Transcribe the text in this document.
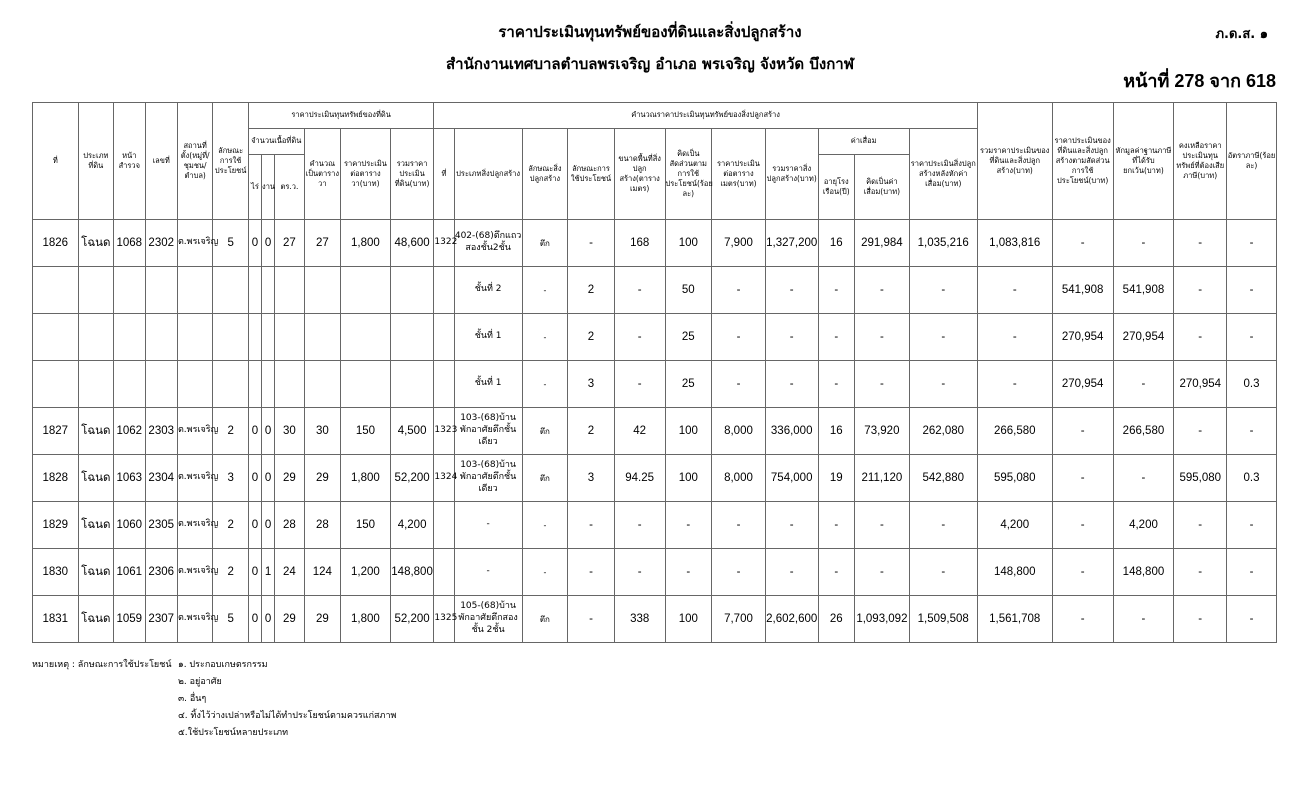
ราคาประเมินทุนทรัพย์ของที่ดินและสิ่งปลูกสร้าง
สำนักงานเทศบาลตำบลพรเจริญ อำเภอ พรเจริญ จังหวัด บึงกาฬ
ภ.ด.ส. ๑
หน้าที่ 278 จาก 618
ที่	ประเภทที่ดิน	หน้าสำรวจ	เลขที่	สถานที่ตั้ง(หมู่ที่/ชุมชน/ตำบล)	ลักษณะการใช้ประโยชน์	ราคาประเมินทุนทรัพย์ของที่ดิน						คำนวณราคาประเมินทุนทรัพย์ของสิ่งปลูกสร้าง											รวมราคาประเมินของที่ดินและสิ่งปลูกสร้าง(บาท)	ราคาประเมินของที่ดินและสิ่งปลูกสร้างตามสัดส่วนการใช้ประโยชน์(บาท)	หักมูลค่าฐานภาษีที่ได้รับยกเว้น(บาท)	คงเหลือราคาประเมินทุนทรัพย์ที่ต้องเสียภาษี(บาท)	อัตราภาษี(ร้อยละ)
						จำนวนเนื้อที่ดิน			คำนวณเป็นตารางวา	ราคาประเมินต่อตารางวา(บาท)	รวมราคาประเมินที่ดิน(บาท)	ที่	ประเภทสิ่งปลูกสร้าง	ลักษณะสิ่งปลูกสร้าง	ลักษณะการใช้ประโยชน์	ขนาดพื้นที่สิ่งปลูกสร้าง(ตารางเมตร)	คิดเป็นสัดส่วนตามการใช้ประโยชน์(ร้อยละ)	ราคาประเมินต่อตารางเมตร(บาท)	รวมราคาสิ่งปลูกสร้าง(บาท)	ค่าเสื่อม		ราคาประเมินสิ่งปลูกสร้างหลังหักค่าเสื่อม(บาท)					
						ไร่	งาน	ตร.ว.												อายุโรงเรือน(ปี)	คิดเป็นค่าเสื่อม(บาท)						
1826	โฉนด	1068	2302	ต.พรเจริญ	5	0	0	27	27	1,800	48,600	1322	402-(68)ตึกแถวสองชั้น2ชั้น	ตึก	-	168	100	7,900	1,327,200	16	291,984	1,035,216	1,083,816	-	-	-	-
													ชั้นที่ 2	-	2	-	50	-	-	-	-	-	-	541,908	541,908	-	-
													ชั้นที่ 1	-	2	-	25	-	-	-	-	-	-	270,954	270,954	-	-
													ชั้นที่ 1	-	3	-	25	-	-	-	-	-	-	270,954	-	270,954	0.3
1827	โฉนด	1062	2303	ต.พรเจริญ	2	0	0	30	30	150	4,500	1323	103-(68)บ้านพักอาศัยตึกชั้นเดียว	ตึก	2	42	100	8,000	336,000	16	73,920	262,080	266,580	-	266,580	-	-
1828	โฉนด	1063	2304	ต.พรเจริญ	3	0	0	29	29	1,800	52,200	1324	103-(68)บ้านพักอาศัยตึกชั้นเดียว	ตึก	3	94.25	100	8,000	754,000	19	211,120	542,880	595,080	-	-	595,080	0.3
1829	โฉนด	1060	2305	ต.พรเจริญ	2	0	0	28	28	150	4,200		-	-	-	-	-	-	-	-	-	-	4,200	-	4,200	-	-
1830	โฉนด	1061	2306	ต.พรเจริญ	2	0	1	24	124	1,200	148,800		-	-	-	-	-	-	-	-	-	-	148,800	-	148,800	-	-
1831	โฉนด	1059	2307	ต.พรเจริญ	5	0	0	29	29	1,800	52,200	1325	105-(68)บ้านพักอาศัยตึกสองชั้น 2ชั้น	ตึก	-	338	100	7,700	2,602,600	26	1,093,092	1,509,508	1,561,708	-	-	-	-
หมายเหตุ : ลักษณะการใช้ประโยชน์ ๑. ประกอบเกษตรกรรม
๒. อยู่อาศัย
๓. อื่นๆ
๔. ทิ้งไว้ว่างเปล่าหรือไม่ได้ทำประโยชน์ตามควรแก่สภาพ
๕.ใช้ประโยชน์หลายประเภท
